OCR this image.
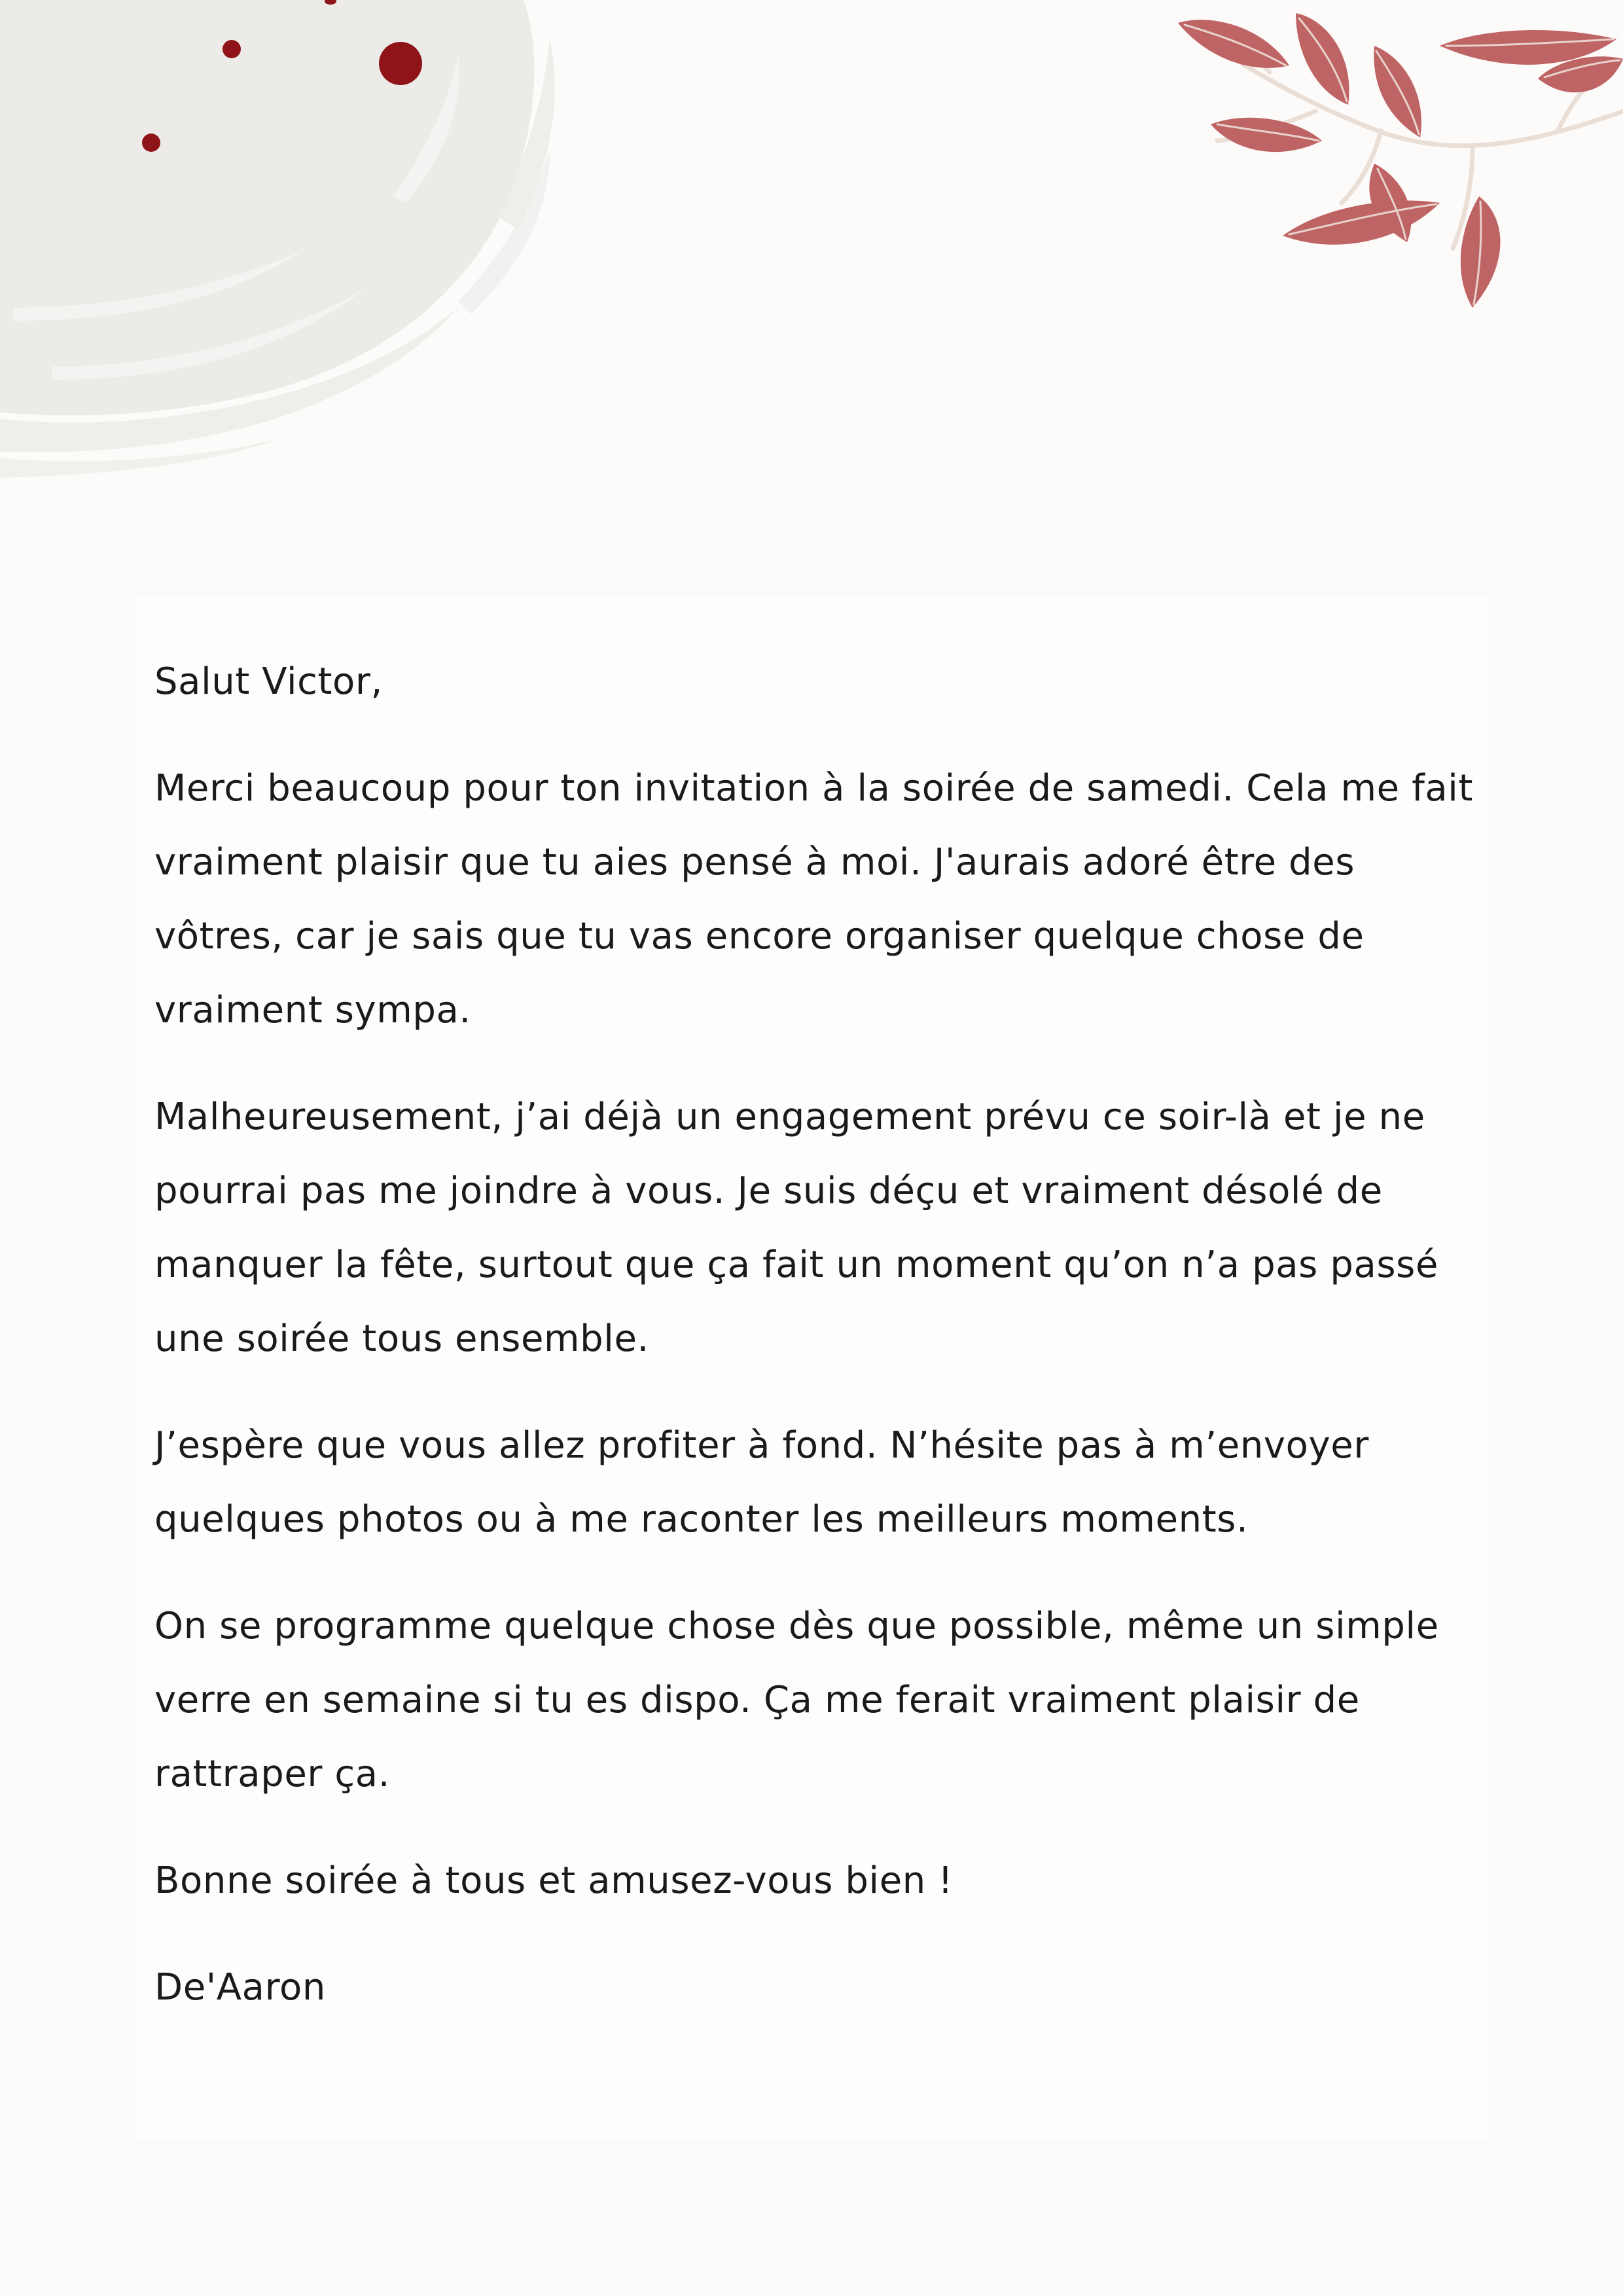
Salut Victor,

Merci beaucoup pour ton invitation à la soirée de samedi. Cela me fait vraiment plaisir que tu aies pensé à moi. J'aurais adoré être des vôtres, car je sais que tu vas encore organiser quelque chose de vraiment sympa.

Malheureusement, j’ai déjà un engagement prévu ce soir-là et je ne pourrai pas me joindre à vous. Je suis déçu et vraiment désolé de manquer la fête, surtout que ça fait un moment qu’on n’a pas passé une soirée tous ensemble.

J’espère que vous allez profiter à fond. N’hésite pas à m’envoyer quelques photos ou à me raconter les meilleurs moments.

On se programme quelque chose dès que possible, même un simple verre en semaine si tu es dispo. Ça me ferait vraiment plaisir de rattraper ça.

Bonne soirée à tous et amusez-vous bien !

De'Aaron
